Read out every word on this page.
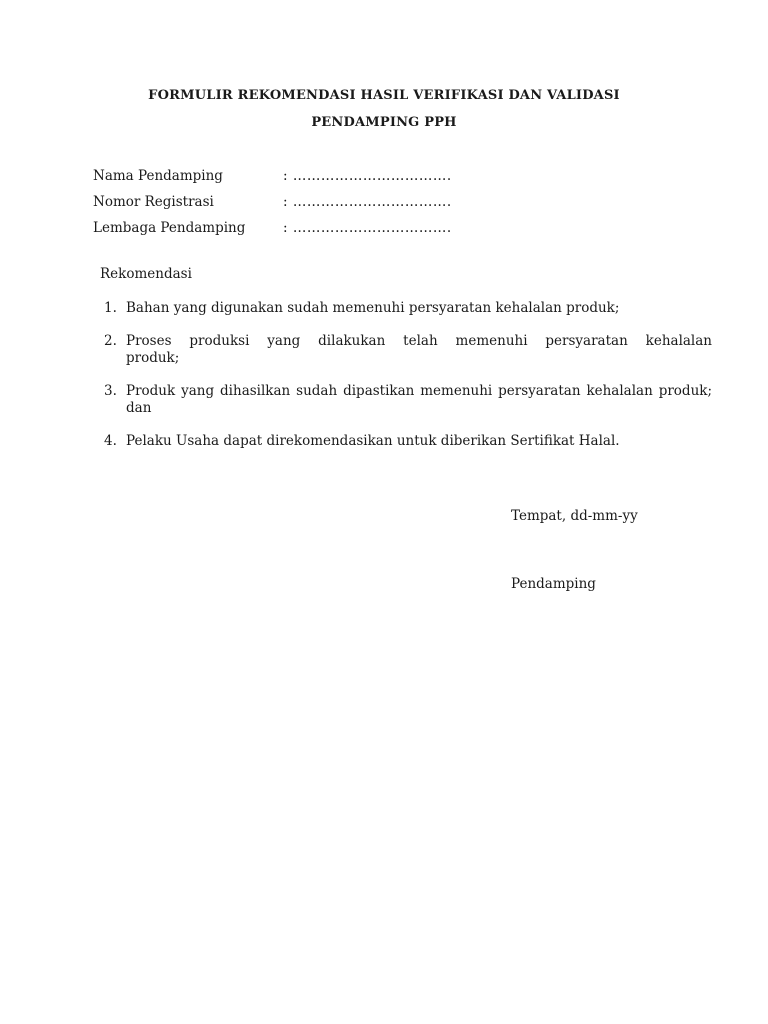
FORMULIR REKOMENDASI HASIL VERIFIKASI DAN VALIDASI
PENDAMPING PPH
Nama Pendamping	: …………………………….
Nomor Registrasi	: …………………………….
Lembaga Pendamping	: …………………………….
Rekomendasi
1. Bahan yang digunakan sudah memenuhi persyaratan kehalalan produk;
2. Proses produksi yang dilakukan telah memenuhi persyaratan kehalalan produk;
3. Produk yang dihasilkan sudah dipastikan memenuhi persyaratan kehalalan produk; dan
4. Pelaku Usaha dapat direkomendasikan untuk diberikan Sertifikat Halal.
Tempat, dd-mm-yy
Pendamping
